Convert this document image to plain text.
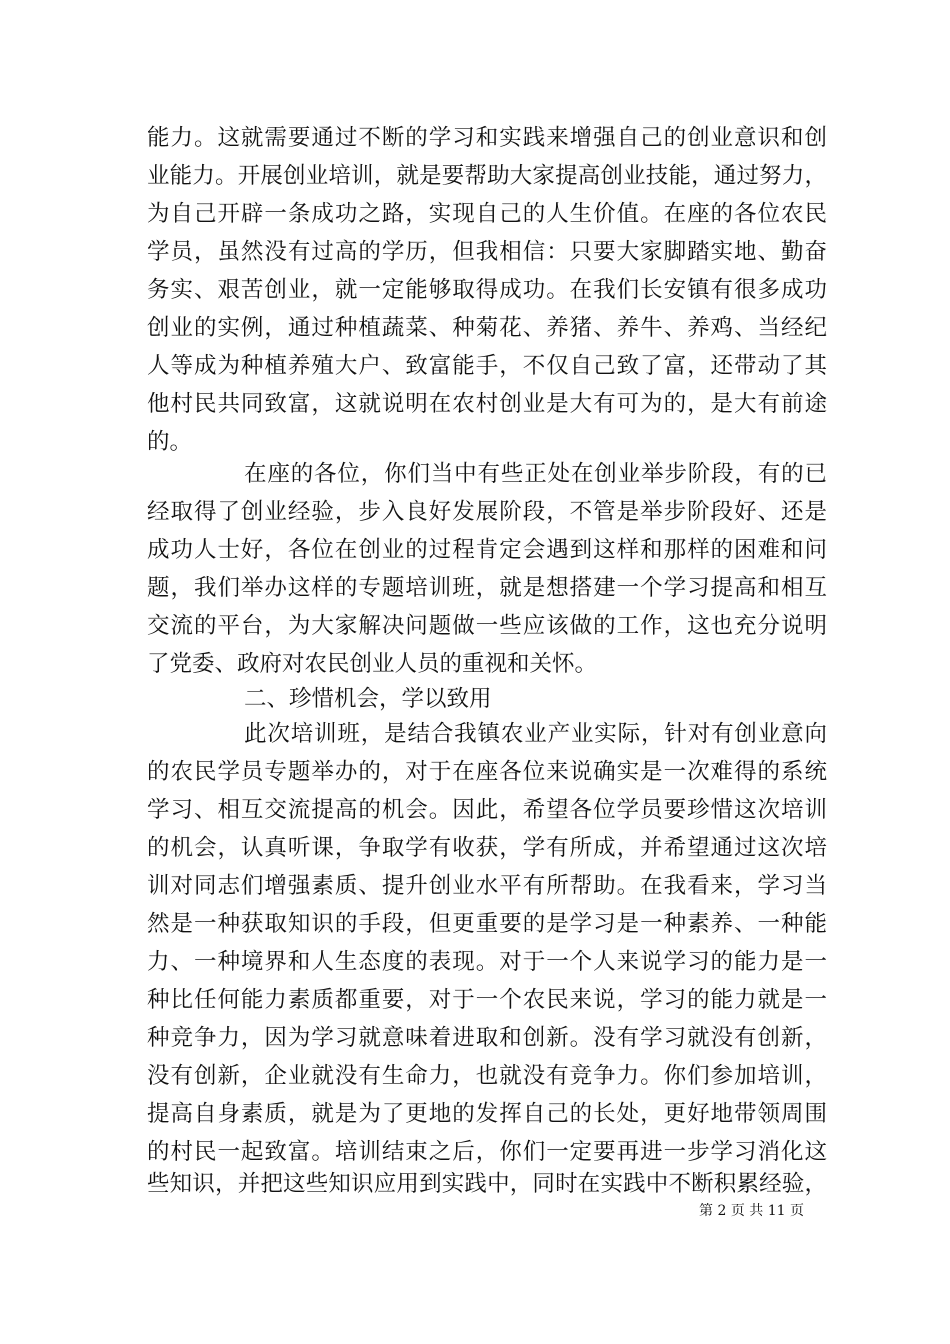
能力。这就需要通过不断的学习和实践来增强自己的创业意识和创
业能力。开展创业培训，就是要帮助大家提高创业技能，通过努力，
为自己开辟一条成功之路，实现自己的人生价值。在座的各位农民
学员，虽然没有过高的学历，但我相信：只要大家脚踏实地、勤奋
务实、艰苦创业，就一定能够取得成功。在我们长安镇有很多成功
创业的实例，通过种植蔬菜、种菊花、养猪、养牛、养鸡、当经纪
人等成为种植养殖大户、致富能手，不仅自己致了富，还带动了其
他村民共同致富，这就说明在农村创业是大有可为的，是大有前途
的。
在座的各位，你们当中有些正处在创业举步阶段，有的已
经取得了创业经验，步入良好发展阶段，不管是举步阶段好、还是
成功人士好，各位在创业的过程肯定会遇到这样和那样的困难和问
题，我们举办这样的专题培训班，就是想搭建一个学习提高和相互
交流的平台，为大家解决问题做一些应该做的工作，这也充分说明
了党委、政府对农民创业人员的重视和关怀。
二、珍惜机会，学以致用
此次培训班，是结合我镇农业产业实际，针对有创业意向
的农民学员专题举办的，对于在座各位来说确实是一次难得的系统
学习、相互交流提高的机会。因此，希望各位学员要珍惜这次培训
的机会，认真听课，争取学有收获，学有所成，并希望通过这次培
训对同志们增强素质、提升创业水平有所帮助。在我看来，学习当
然是一种获取知识的手段，但更重要的是学习是一种素养、一种能
力、一种境界和人生态度的表现。对于一个人来说学习的能力是一
种比任何能力素质都重要，对于一个农民来说，学习的能力就是一
种竞争力，因为学习就意味着进取和创新。没有学习就没有创新，
没有创新，企业就没有生命力，也就没有竞争力。你们参加培训，
提高自身素质，就是为了更地的发挥自己的长处，更好地带领周围
的村民一起致富。培训结束之后，你们一定要再进一步学习消化这
些知识，并把这些知识应用到实践中，同时在实践中不断积累经验，
第 2 页 共 11 页
